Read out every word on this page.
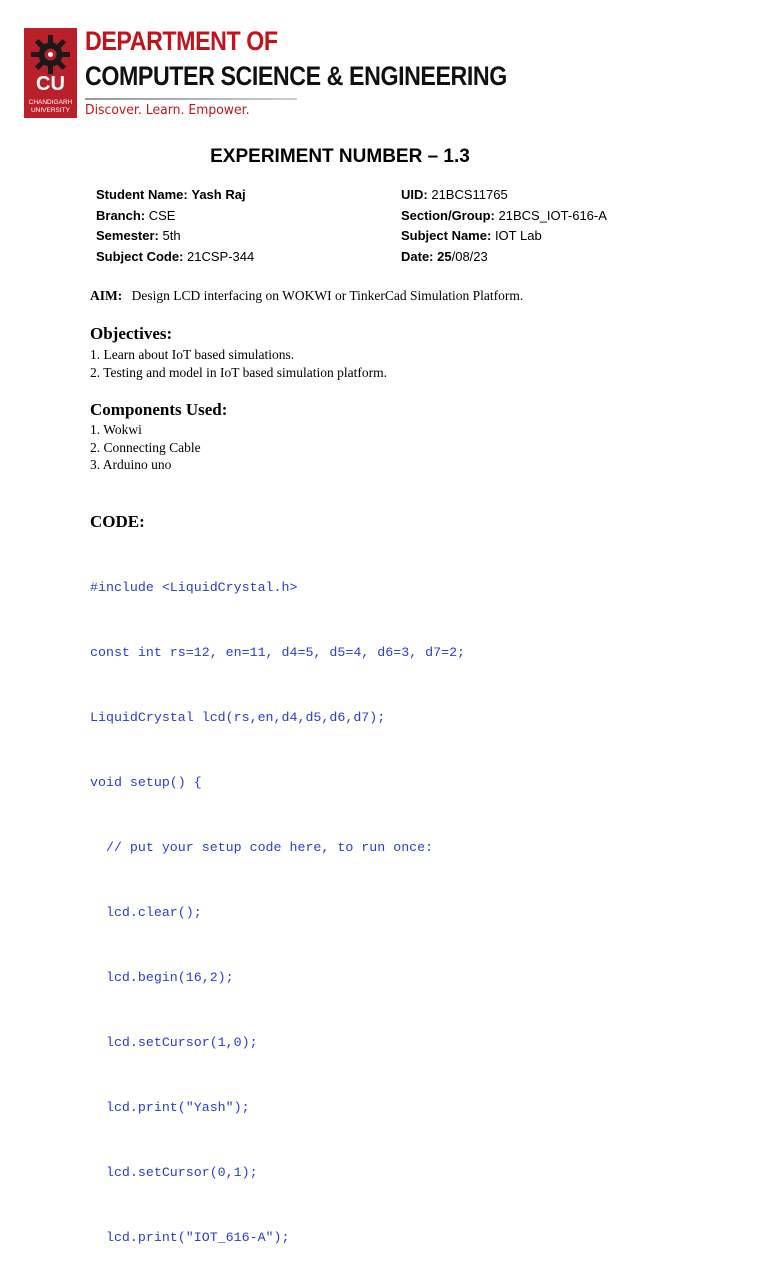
CU
CHANDIGARH UNIVERSITY
DEPARTMENT OF
COMPUTER SCIENCE & ENGINEERING
Discover. Learn. Empower.
EXPERIMENT NUMBER – 1.3
Student Name: Yash Raj
Branch: CSE
Semester: 5th
Subject Code: 21CSP-344
UID: 21BCS11765
Section/Group: 21BCS_IOT-616-A
Subject Name: IOT Lab
Date: 25/08/23
AIM: Design LCD interfacing on WOKWI or TinkerCad Simulation Platform.
Objectives:
1. Learn about IoT based simulations.
2. Testing and model in IoT based simulation platform.
Components Used:
1. Wokwi
2. Connecting Cable
3. Arduino uno
CODE:

#include <LiquidCrystal.h>

const int rs=12, en=11, d4=5, d5=4, d6=3, d7=2;

LiquidCrystal lcd(rs,en,d4,d5,d6,d7);

void setup() {

// put your setup code here, to run once:

lcd.clear();

lcd.begin(16,2);

lcd.setCursor(1,0);

lcd.print("Yash");

lcd.setCursor(0,1);

lcd.print("IOT_616-A");
